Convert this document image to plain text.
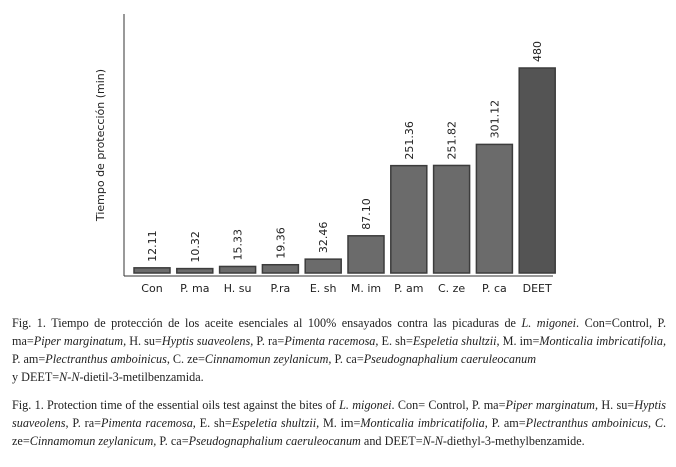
12.11	10.32	15.33	19.36	32.46
87.10
251.36	251.82
301.12
480
Con P. ma H. su P.ra E. sh M. im P. am C. ze P. ca DEET
Tiempo de protección (min)

Fig. 1. Tiempo de protección de los aceite esenciales al 100% ensayados contra las picaduras de L. migonei. Con=Control, P. ma=Piper marginatum, H. su=Hyptis suaveolens, P. ra=Pimenta racemosa, E. sh=Espeletia shultzii, M. im=Monticalia imbricatifolia, P. am=Plectranthus amboinicus, C. ze=Cinnamomun zeylanicum, P. ca=Pseudognaphalium caeruleocanum
y DEET=N-N-dietil-3-metilbenzamida.

Fig. 1. Protection time of the essential oils test against the bites of L. migonei. Con= Control, P. ma=Piper marginatum, H. su=Hyptis suaveolens, P. ra=Pimenta racemosa, E. sh=Espeletia shultzii, M. im=Monticalia imbricatifolia, P. am=Plectranthus amboinicus, C. ze=Cinnamomun zeylanicum, P. ca=Pseudognaphalium caeruleocanum and DEET=N-N-diethyl-3-methylbenzamide.
